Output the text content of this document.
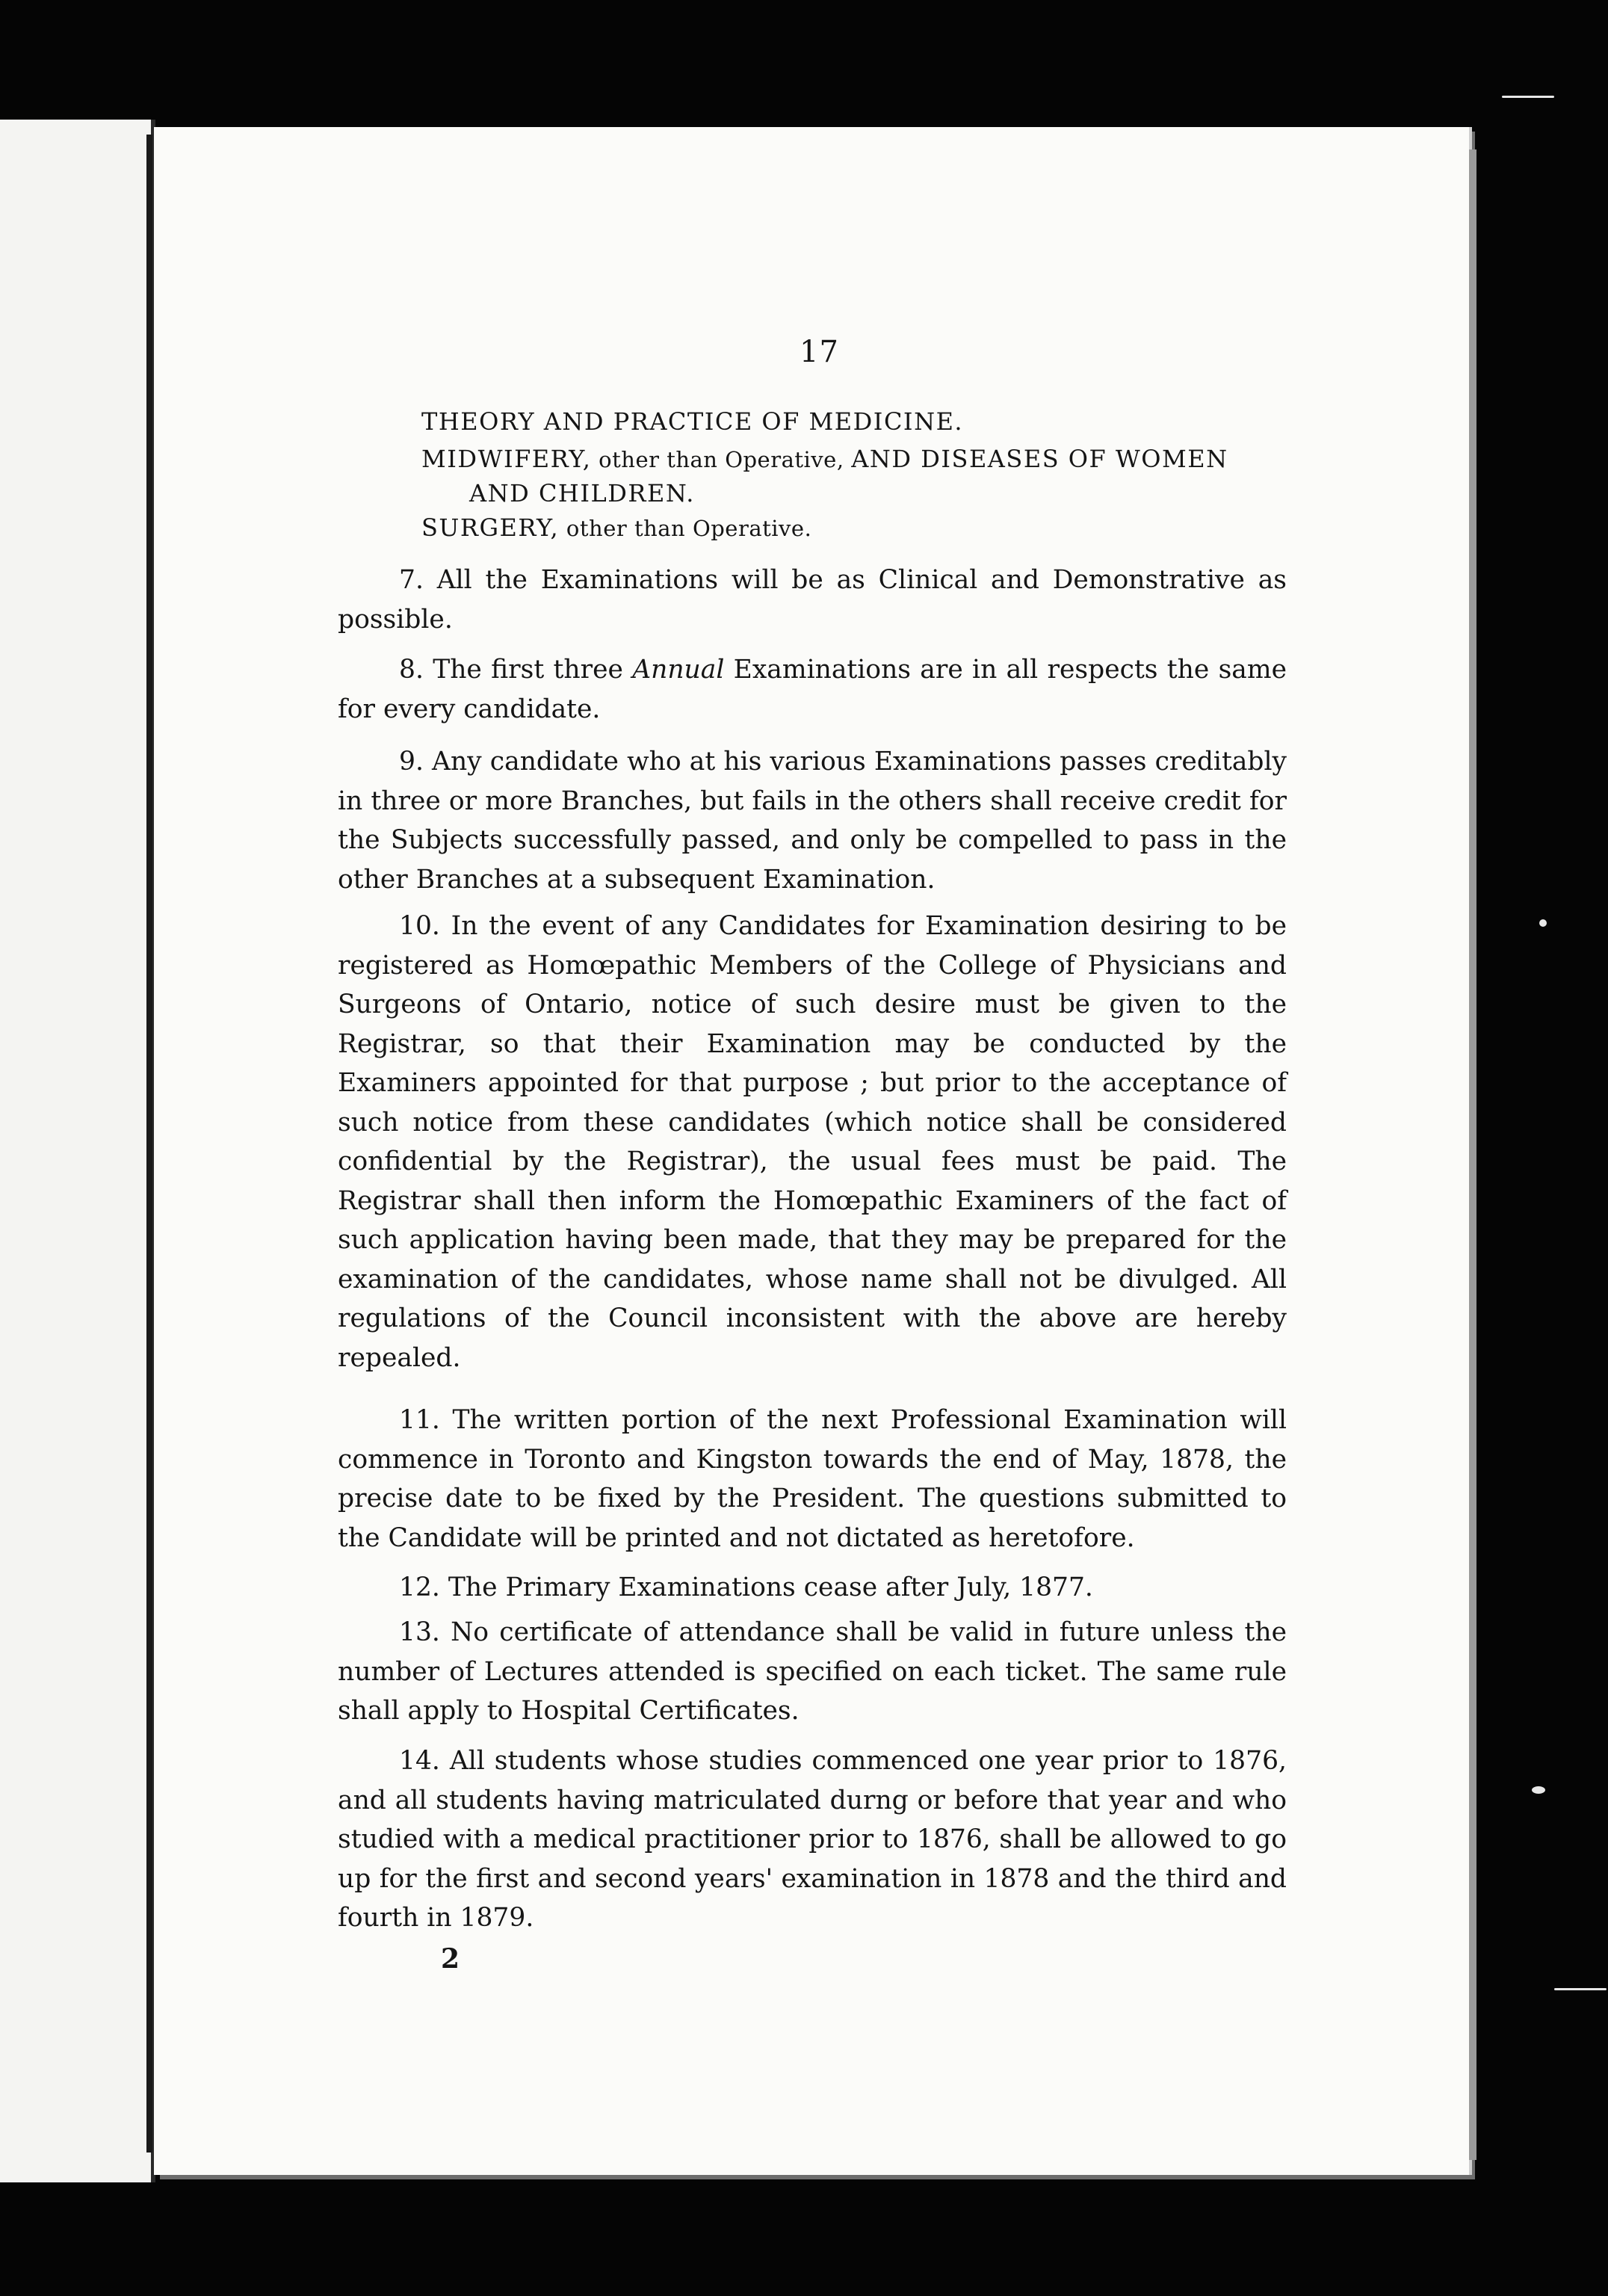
17
THEORY AND PRACTICE OF MEDICINE.
MIDWIFERY, other than Operative, AND DISEASES OF WOMEN
AND CHILDREN.
SURGERY, other than Operative.

7. All the Examinations will be as Clinical and Demonstrative as possible.

8. The first three Annual Examinations are in all respects the same for every candidate.

9. Any candidate who at his various Examinations passes creditably in three or more Branches, but fails in the others shall receive credit for the Subjects successfully passed, and only be compelled to pass in the other Branches at a subsequent Examination.

10. In the event of any Candidates for Examination desiring to be registered as Homœpathic Members of the College of Physicians and Surgeons of Ontario, notice of such desire must be given to the Registrar, so that their Examination may be conducted by the Examiners appointed for that purpose ; but prior to the acceptance of such notice from these candidates (which notice shall be considered confidential by the Registrar), the usual fees must be paid. The Registrar shall then inform the Homœpathic Examiners of the fact of such application having been made, that they may be prepared for the examination of the candidates, whose name shall not be divulged. All regulations of the Council inconsistent with the above are hereby repealed.

11. The written portion of the next Professional Examination will commence in Toronto and Kingston towards the end of May, 1878, the precise date to be fixed by the President. The questions submitted to the Candidate will be printed and not dictated as heretofore.

12. The Primary Examinations cease after July, 1877.

13. No certificate of attendance shall be valid in future unless the number of Lectures attended is specified on each ticket. The same rule shall apply to Hospital Certificates.

14. All students whose studies commenced one year prior to 1876, and all students having matriculated durng or before that year and who studied with a medical practitioner prior to 1876, shall be allowed to go up for the first and second years' examination in 1878 and the third and fourth in 1879.

2
